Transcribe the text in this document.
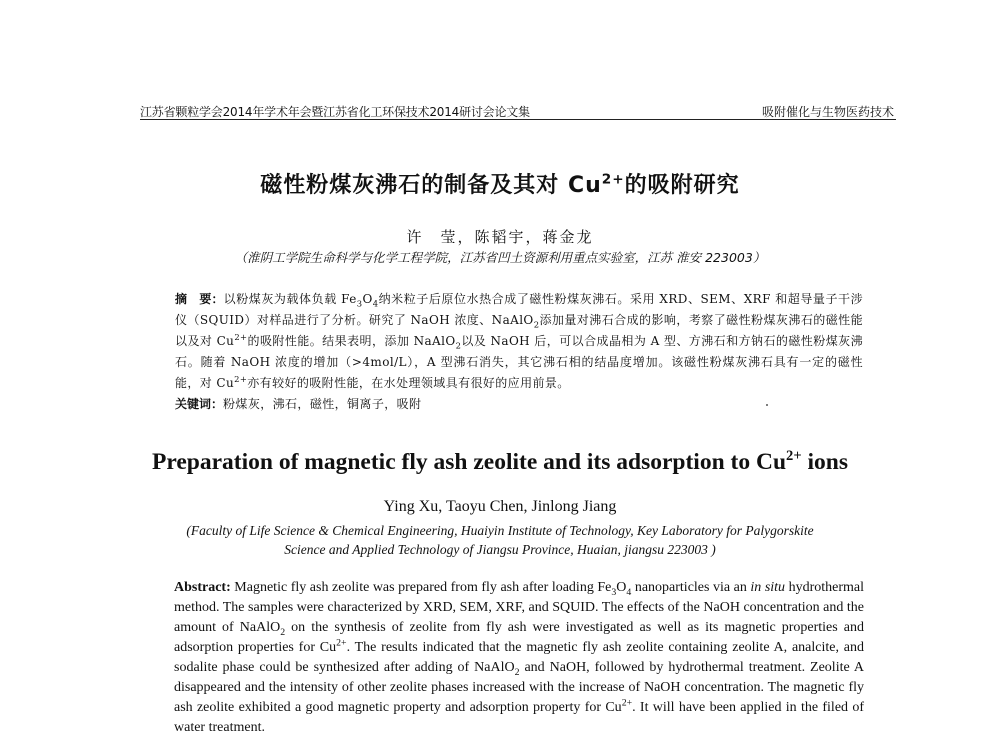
江苏省颗粒学会2014年学术年会暨江苏省化工环保技术2014研讨会论文集	吸附催化与生物医药技术
磁性粉煤灰沸石的制备及其对 $Cu^{2+}$的吸附研究
许　莹，陈韬宇，蒋金龙
（淮阴工学院生命科学与化学工程学院，江苏省凹土资源利用重点实验室，江苏 淮安 223003）
摘　要：以粉煤灰为载体负载 $Fe_3O_4$纳米粒子后原位水热合成了磁性粉煤灰沸石。采用 XRD、SEM、XRF 和超导量子干涉仪（SQUID）对样品进行了分析。研究了 NaOH 浓度、NaAlO$_2$添加量对沸石合成的影响，考察了磁性粉煤灰沸石的磁性能以及对 $Cu^{2+}$的吸附性能。结果表明，添加 NaAlO$_2$以及 NaOH 后，可以合成晶相为 A 型、方沸石和方钠石的磁性粉煤灰沸石。随着 NaOH 浓度的增加（>4mol/L），A 型沸石消失，其它沸石相的结晶度增加。该磁性粉煤灰沸石具有一定的磁性能，对 $Cu^{2+}$亦有较好的吸附性能，在水处理领域具有很好的应用前景。
关键词：粉煤灰，沸石，磁性，铜离子，吸附
Preparation of magnetic fly ash zeolite and its adsorption to $Cu^{2+}$ ions
Ying Xu, Taoyu Chen, Jinlong Jiang
(Faculty of Life Science & Chemical Engineering, Huaiyin Institute of Technology, Key Laboratory for Palygorskite
Science and Applied Technology of Jiangsu Province, Huaian, jiangsu 223003 )
Abstract: Magnetic fly ash zeolite was prepared from fly ash after loading $Fe_3O_4$ nanoparticles via an in situ hydrothermal method. The samples were characterized by XRD, SEM, XRF, and SQUID. The effects of the NaOH concentration and the amount of NaAlO$_2$ on the synthesis of zeolite from fly ash were investigated as well as its magnetic properties and adsorption properties for $Cu^{2+}$. The results indicated that the magnetic fly ash zeolite containing zeolite A, analcite, and sodalite phase could be synthesized after adding of NaAlO$_2$ and NaOH, followed by hydrothermal treatment. Zeolite A disappeared and the intensity of other zeolite phases increased with the increase of NaOH concentration. The magnetic fly ash zeolite exhibited a good magnetic property and adsorption property for $Cu^{2+}$. It will have been applied in the filed of water treatment.
